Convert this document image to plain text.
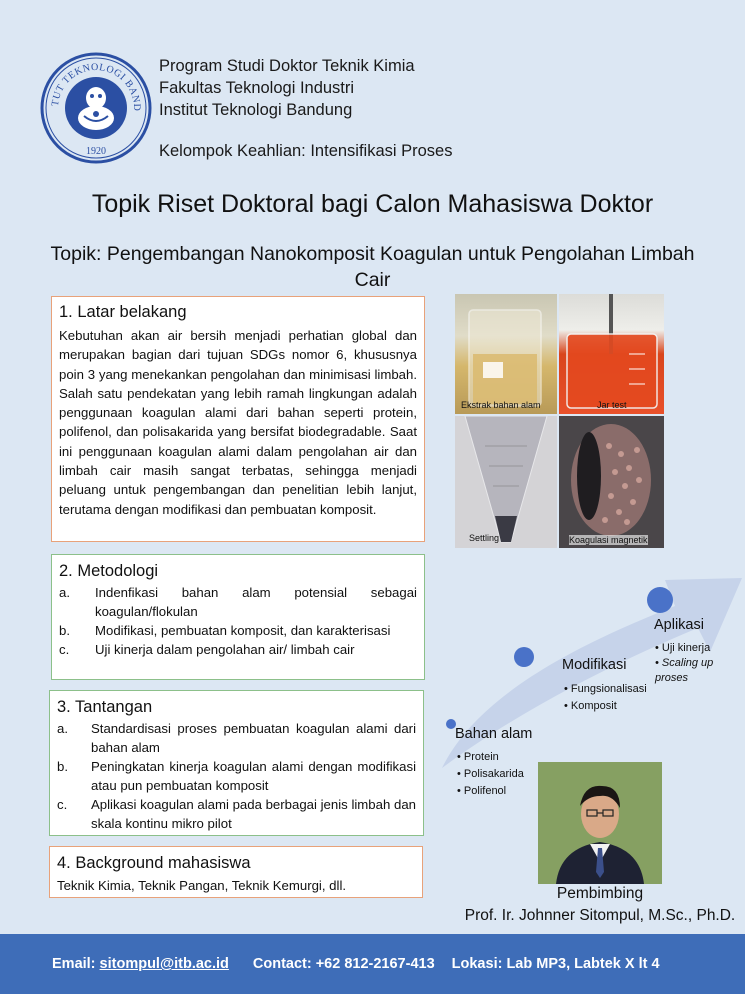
TUT TEKNOLOGI BAND
1920
Program Studi Doktor Teknik Kimia
Fakultas Teknologi Industri
Institut Teknologi Bandung
Kelompok Keahlian: Intensifikasi Proses
Topik Riset Doktoral bagi Calon Mahasiswa Doktor
Topik: Pengembangan Nanokomposit Koagulan untuk Pengolahan Limbah Cair
1. Latar belakang
Kebutuhan akan air bersih menjadi perhatian global dan merupakan bagian dari tujuan SDGs nomor 6, khususnya poin 3 yang menekankan pengolahan dan minimisasi limbah. Salah satu pendekatan yang lebih ramah lingkungan adalah penggunaan koagulan alami dari bahan seperti protein, polifenol, dan polisakarida yang bersifat biodegradable. Saat ini penggunaan koagulan alami dalam pengolahan air dan limbah cair masih sangat terbatas, sehingga menjadi peluang untuk pengembangan dan penelitian lebih lanjut, terutama dengan modifikasi dan pembuatan komposit.
2. Metodologi
a.	Indenfikasi bahan alam potensial sebagai koagulan/flokulan
b.	Modifikasi, pembuatan komposit, dan karakterisasi
c.	Uji kinerja dalam pengolahan air/ limbah cair
3. Tantangan
a.	Standardisasi proses pembuatan koagulan alami dari bahan alam
b.	Peningkatan kinerja koagulan alami dengan modifikasi atau pun pembuatan komposit
c.	Aplikasi koagulan alami pada berbagai jenis limbah dan skala kontinu mikro pilot
4. Background mahasiswa
Teknik Kimia, Teknik Pangan, Teknik Kemurgi, dll.
Ekstrak bahan alam	Jar test
Settling	Koagulasi magnetik
Bahan alam
• Protein
• Polisakarida
• Polifenol
Modifikasi
• Fungsionalisasi
• Komposit
Aplikasi
• Uji kinerja
• Scaling up proses
Pembimbing
Prof. Ir. Johnner Sitompul, M.Sc., Ph.D.
Email: sitompul@itb.ac.id Contact: +62 812-2167-413 Lokasi: Lab MP3, Labtek X lt 4
